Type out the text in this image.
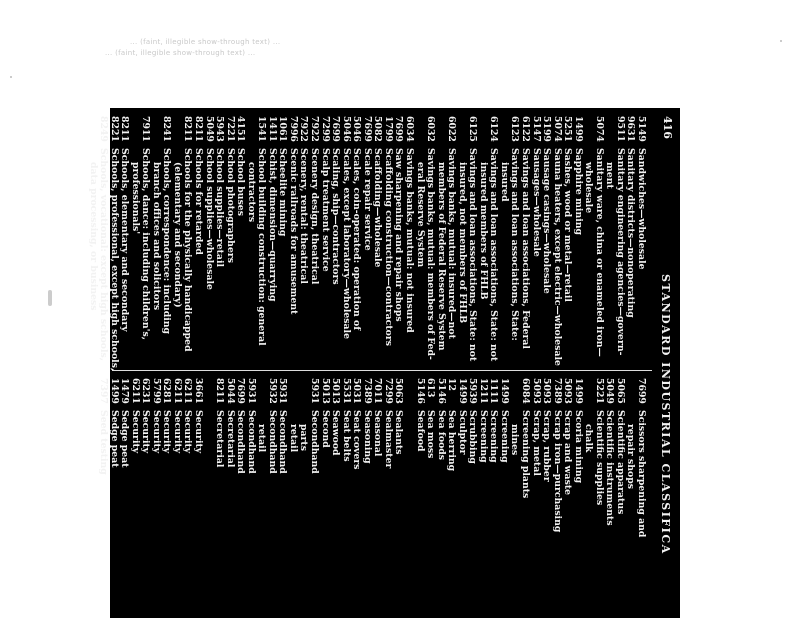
... (faint, illegible show-through text) ...
... (faint, illegible show-through text) ...
416
STANDARD INDUSTRIAL CLASSIFICA
5149
Sandwiches—wholesale
9631
Sanitary districts—nonoperating
9511
Sanitary engineering agencies—govern-
ment
5074
Sanitary ware, china or enameled iron—
wholesale
1499
Sapphire mining
5251
Sashes, wood or metal—retail
5074
Sauna heaters, except electric—wholesale
5199
Sausage casings—wholesale
5147
Sausages—wholesale
6122
Savings and loan associations, Federal
6123
Savings and loan associations, State:
insured
6124
Savings and loan associations, State: not
insured members of FHLB
6125
Savings and loan associations, State: not
insured, not members of FHLB
6022
Savings banks, mutual: insured—not
members of Federal Reserve System
6032
Savings banks, mutual: members of Fed-
eral Reserve System
6034
Savings banks, mutual: not insured
7699
Saw sharpening and repair shops
1799
Scaffolding construction—contractors
5082
Scaffolding—wholesale
7699
Scale repair service
5046
Scales, coin-operated: operation of
5046
Scales, except laboratory—wholesale
7699
Scaling, ship—contractors
7299
Scalp treatment service
7922
Scenery design, theatrical
7922
Scenery, rental: theatrical
7996
Scenic railroads for amusement
1061
Scheelite mining
1411
Schist, dimension—quarrying
1541
School building construction: general
contractors
4151
School buses
7221
School photographers
5943
School supplies—retail
5049
School supplies—wholesale
8211
Schools for retarded
8211
Schools for the physically handicapped
(elementary and secondary)
8241
Schools, correspondence: including
branch offices and solicitors
7911
Schools, dance: including children's,
professionals'
8211
Schools, elementary and secondary
8221
Schools, professional, except high schools,
8249
Schools, vocational: except high schools,
data processing, or business
7699
Scissors sharpening and
repair shops
5065
Scientific apparatus
5049
Scientific instruments
5221
Scientific supplies
chalk
1499
Scoria mining
5093
Scrap and waste
7389
Scrap iron—purchasing
5093
Scrap, rubber
5093
Scrap, metal
6084
Screening plants
mines
1499
Screening
1111
Screening
1211
Screening
5939
Scrubbing
1499
Sculptor
12
Sea herring
5146
Sea foods
613
Sea moss
5146
Seafood
5063
Sealants
7299
Sealmaster
7011
Seasonal
7389
Seasoning
5031
Seat covers
5531
Seat belts
5013
Seawood
5013
Second
5931
Secondhand
parts
retail
5931
Secondhand
5932
Secondhand
retail
5931
Secondhand
7699
Secondhand
5044
Secretarial
8211
Secretarial
3661
Security
6211
Security
6211
Security
6281
Security
5799
Security
6231
Security
6211
Security
1479
Sedge peat
1499
Sedge peat
7397
Seed testing
